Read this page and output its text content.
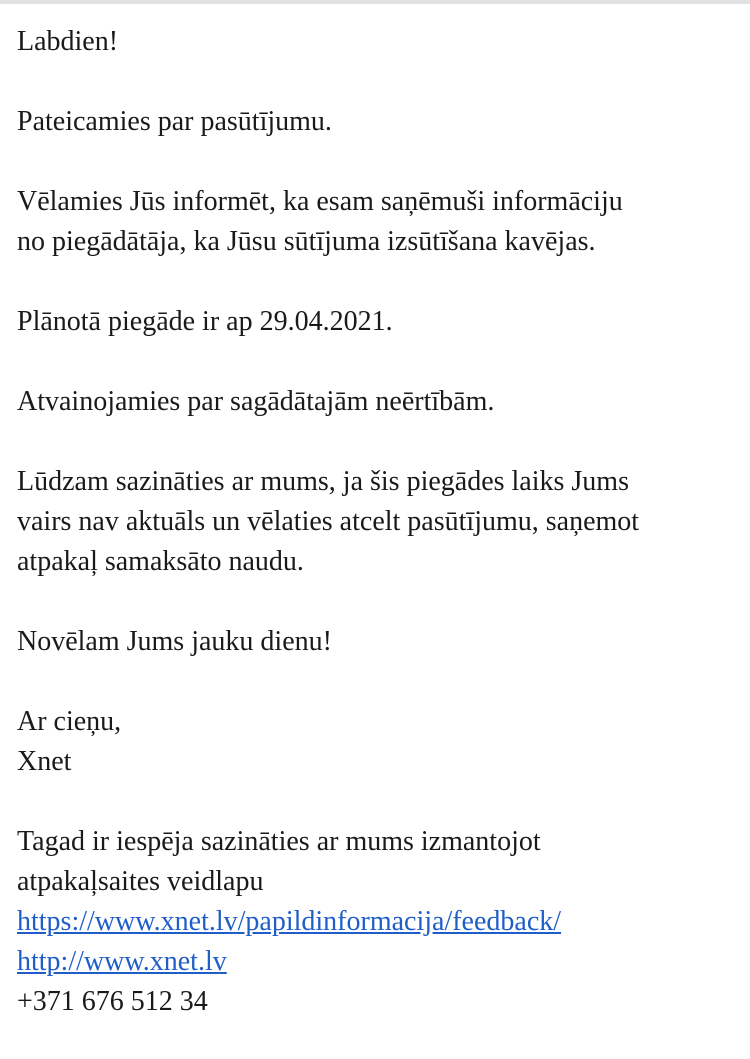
Labdien!

Pateicamies par pasūtījumu.

Vēlamies Jūs informēt, ka esam saņēmuši informāciju
no piegādātāja, ka Jūsu sūtījuma izsūtīšana kavējas.

Plānotā piegāde ir ap 29.04.2021.

Atvainojamies par sagādātajām neērtībām.

Lūdzam sazināties ar mums, ja šis piegādes laiks Jums
vairs nav aktuāls un vēlaties atcelt pasūtījumu, saņemot
atpakaļ samaksāto naudu.

Novēlam Jums jauku dienu!

Ar cieņu,
Xnet

Tagad ir iespēja sazināties ar mums izmantojot
atpakaļsaites veidlapu
https://www.xnet.lv/papildinformacija/feedback/
http://www.xnet.lv
+371 676 512 34
